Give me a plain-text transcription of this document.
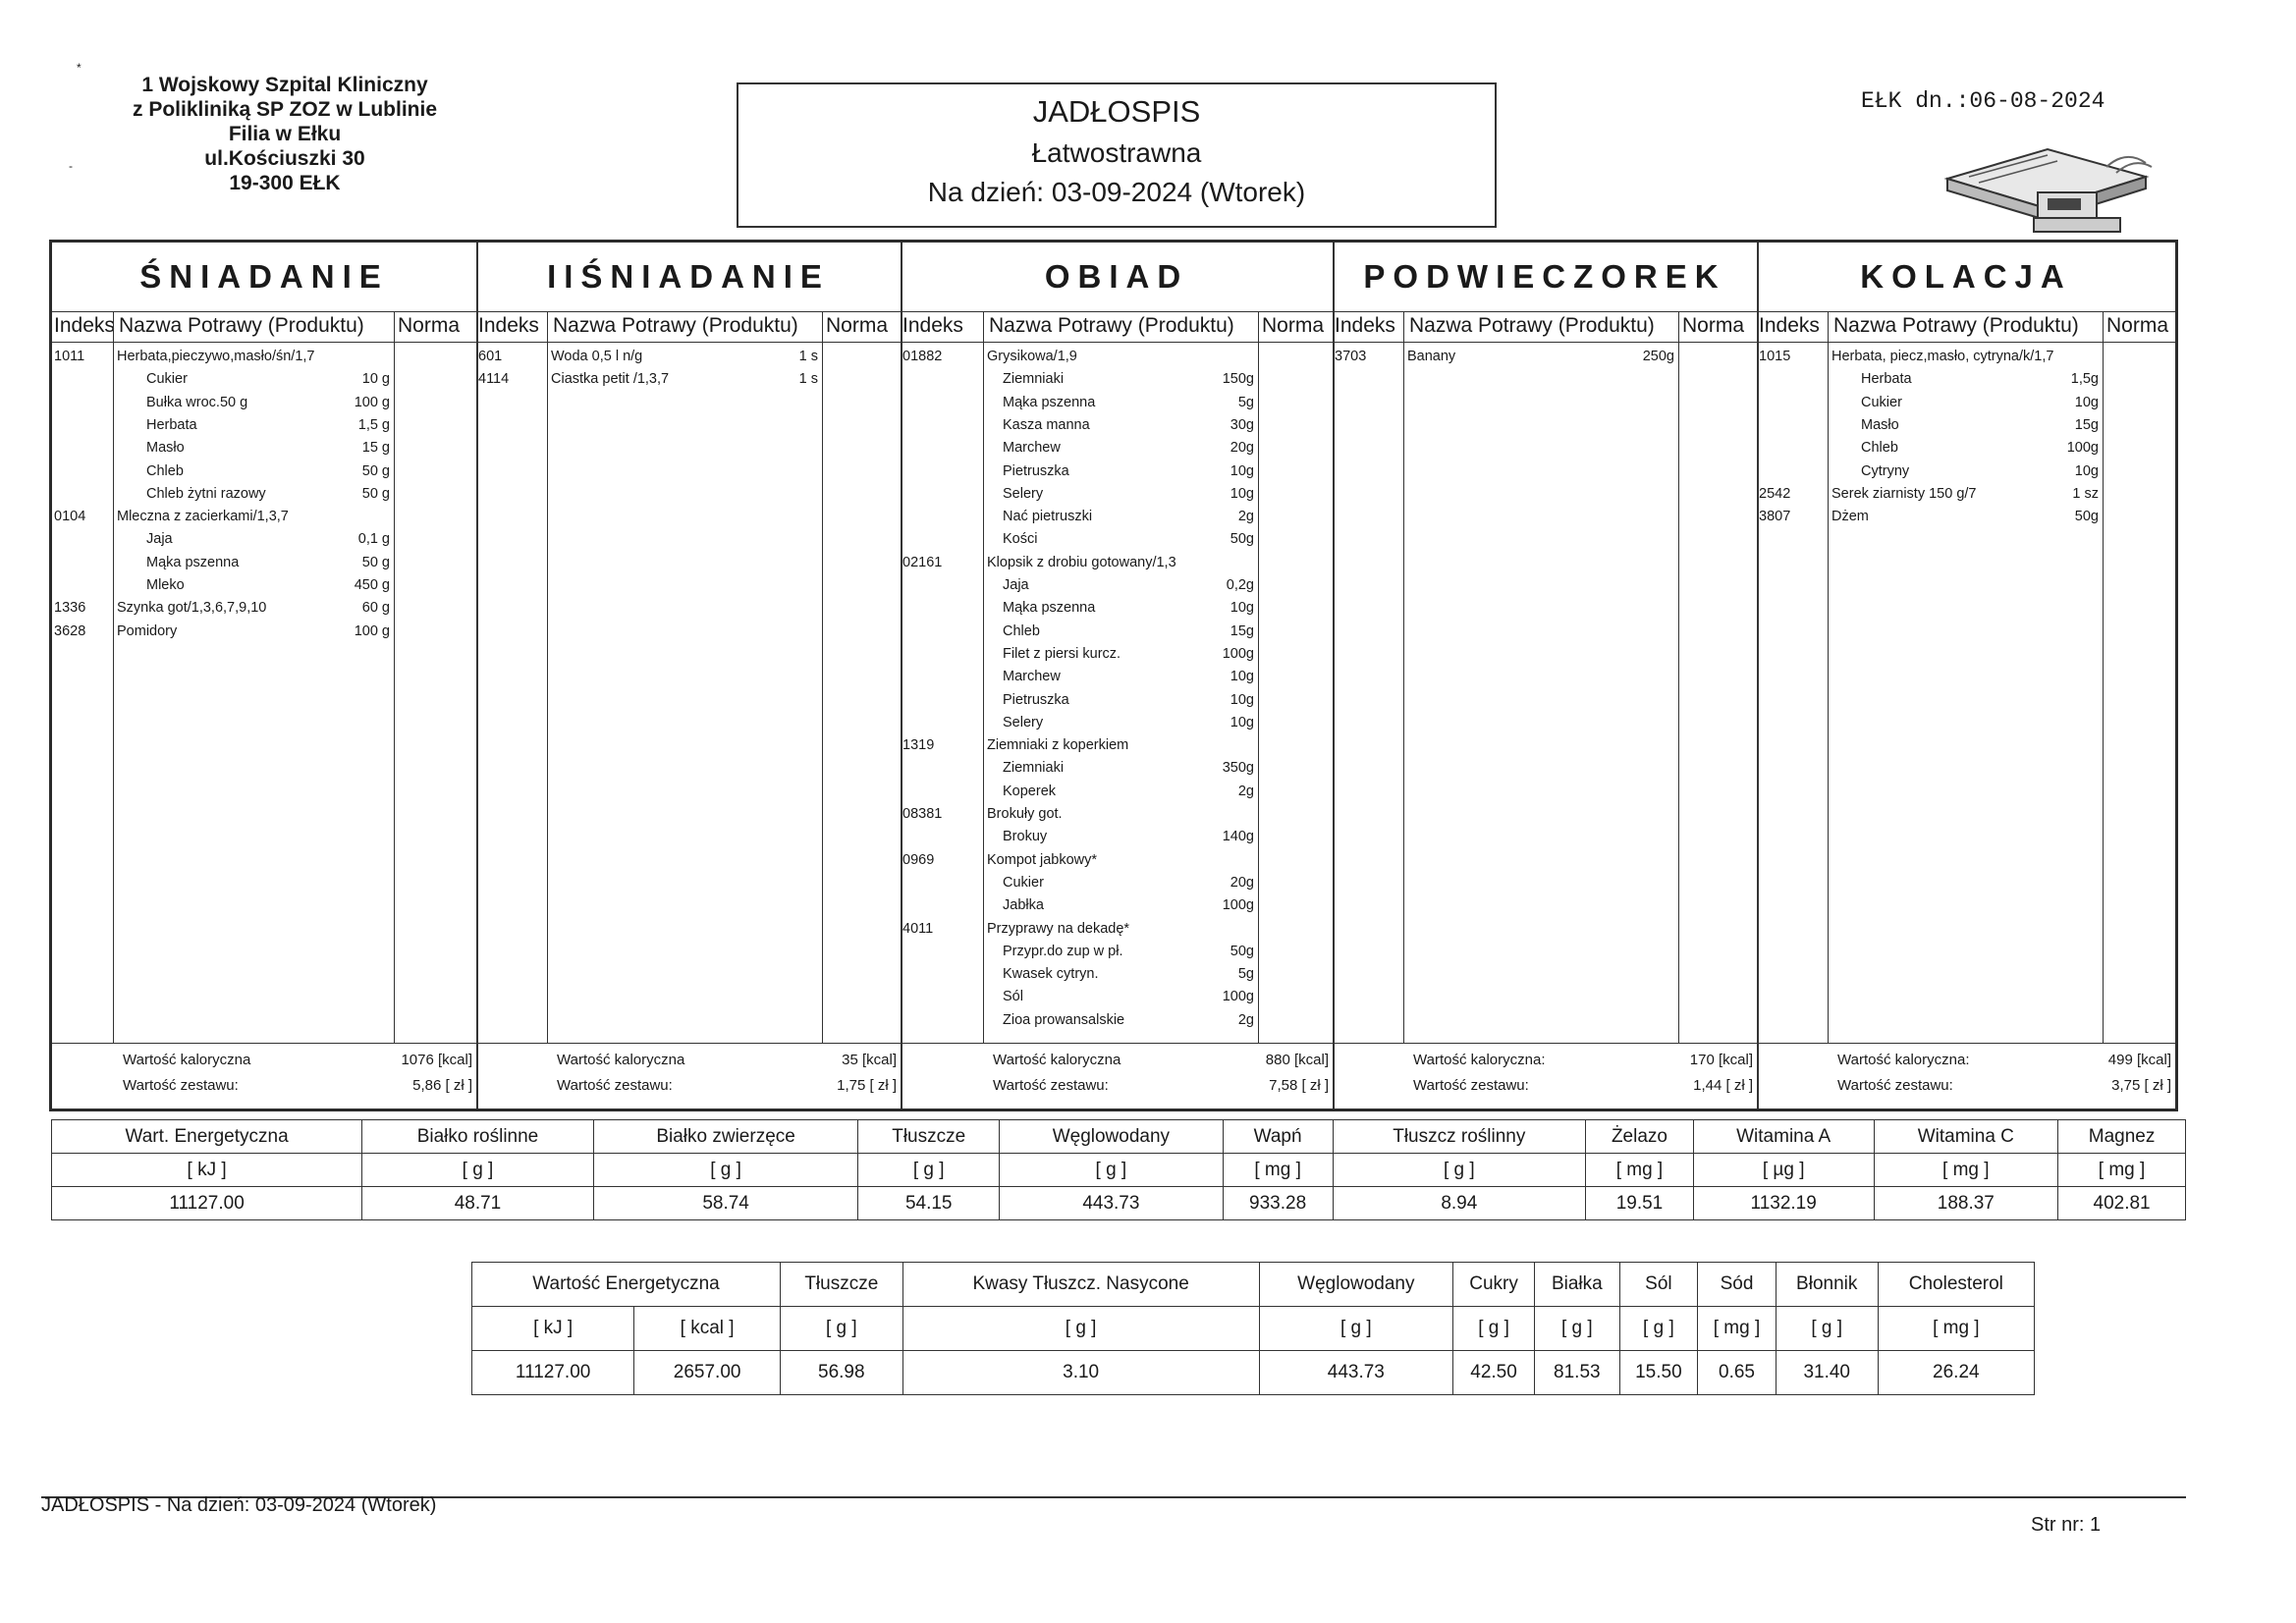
*
-
1 Wojskowy Szpital Kliniczny
z Polikliniką SP ZOZ w Lublinie
Filia w Ełku
ul.Kościuszki 30
19-300 EŁK
JADŁOSPIS
Łatwostrawna
Na dzień: 03-09-2024 (Wtorek)
EŁK dn.:06-08-2024
ŚNIADANIE
Indeks Nazwa Potrawy (Produktu) Norma
1011 Herbata,pieczywo,masło/śn/1,7
Cukier	10 g
Bułka wroc.50 g	100 g
Herbata	1,5 g
Masło	15 g
Chleb	50 g
Chleb żytni razowy	50 g
0104 Mleczna z zacierkami/1,3,7
Jaja	0,1 g
Mąka pszenna	50 g
Mleko	450 g
1336 Szynka got/1,3,6,7,9,10	60 g
3628 Pomidory	100 g
Wartość kaloryczna	1076 [kcal]
Wartość zestawu:	5,86 [ zł ]
IIŚNIADANIE
Indeks Nazwa Potrawy (Produktu) Norma
601	Woda 0,5 l n/g	1 s
4114	Ciastka petit /1,3,7	1 s
Wartość kaloryczna	35 [kcal]
Wartość zestawu:	1,75 [ zł ]
OBIAD
Indeks Nazwa Potrawy (Produktu) Norma
01882	Grysikowa/1,9
Ziemniaki	150g
Mąka pszenna	5g
Kasza manna	30g
Marchew	20g
Pietruszka	10g
Selery	10g
Nać pietruszki	2g
Kości	50g
02161	Klopsik z drobiu gotowany/1,3
Jaja	0,2g
Mąka pszenna	10g
Chleb	15g
Filet z piersi kurcz.	100g
Marchew	10g
Pietruszka	10g
Selery	10g
1319	Ziemniaki z koperkiem
Ziemniaki	350g
Koperek	2g
08381	Brokuły got.
Brokuy	140g
0969	Kompot jabkowy*
Cukier	20g
Jabłka	100g
4011	Przyprawy na dekadę*
Przypr.do zup w pł.	50g
Kwasek cytryn.	5g
Sól	100g
Zioa prowansalskie	2g
Wartość kaloryczna	880 [kcal]
Wartość zestawu:	7,58 [ zł ]
PODWIECZOREK
Indeks Nazwa Potrawy (Produktu) Norma
3703	Banany	250g
Wartość kaloryczna:	170 [kcal]
Wartość zestawu:	1,44 [ zł ]
KOLACJA
Indeks Nazwa Potrawy (Produktu) Norma
1015	Herbata, piecz,masło, cytryna/k/1,7
Herbata	1,5g
Cukier	10g
Masło	15g
Chleb	100g
Cytryny	10g
2542	Serek ziarnisty 150 g/7	1 sz
3807	Dżem	50g
Wartość kaloryczna:	499 [kcal]
Wartość zestawu:	3,75 [ zł ]
Wart. Energetyczna	Białko roślinne	Białko zwierzęce	Tłuszcze	Węglowodany	Wapń	Tłuszcz roślinny	Żelazo	Witamina A	Witamina C	Magnez
[ kJ ]	[ g ]	[ g ]	[ g ]	[ g ]	[ mg ]	[ g ]	[ mg ]	[ µg ]	[ mg ]	[ mg ]
11127.00	48.71	58.74	54.15	443.73	933.28	8.94	19.51	1132.19	188.37	402.81
Wartość Energetyczna		Tłuszcze	Kwasy Tłuszcz. Nasycone	Węglowodany	Cukry	Białka	Sól	Sód	Błonnik	Cholesterol
[ kJ ]	[ kcal ]	[ g ]	[ g ]	[ g ]	[ g ]	[ g ]	[ g ]	[ mg ]	[ g ]	[ mg ]
11127.00	2657.00	56.98	3.10	443.73	42.50	81.53	15.50	0.65	31.40	26.24
JADŁOSPIS - Na dzień: 03-09-2024 (Wtorek)
Str nr: 1
